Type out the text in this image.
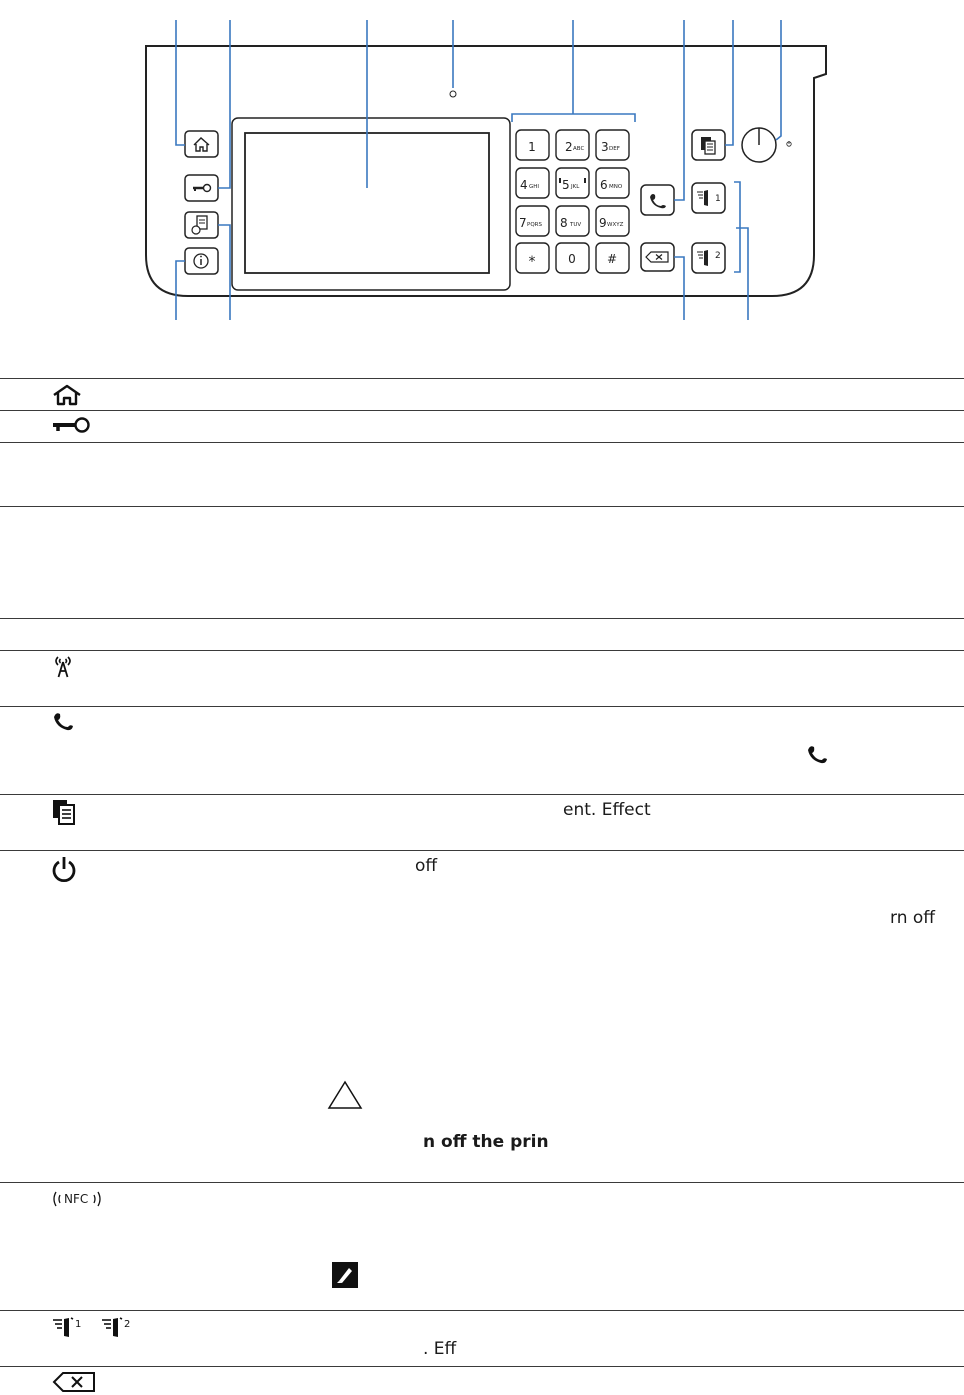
1 2 ABC 3 DEF
4 GHI 5 JKL 6 MNO
7 PQRS 8 TUV 9 WXYZ
*	0	#
1
2
NFC
1	2
ent. Effect
off
rn off
n off the prin
. Eff
